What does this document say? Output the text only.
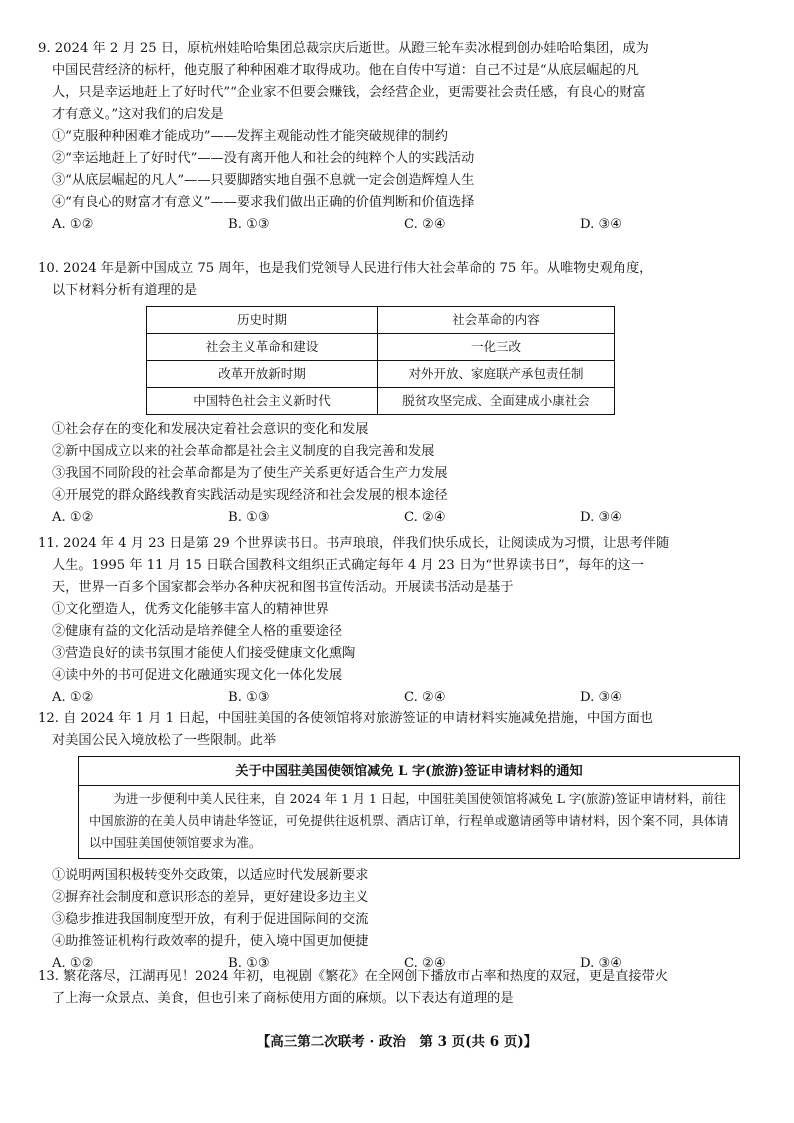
9. 2024 年 2 月 25 日，原杭州娃哈哈集团总裁宗庆后逝世。从蹬三轮车卖冰棍到创办娃哈哈集团，成为
中国民营经济的标杆，他克服了种种困难才取得成功。他在自传中写道：自己不过是“从底层崛起的凡
人，只是幸运地赶上了好时代”“企业家不但要会赚钱，会经营企业，更需要社会责任感，有良心的财富
才有意义。”这对我们的启发是
①“克服种种困难才能成功”——发挥主观能动性才能突破规律的制约
②“幸运地赶上了好时代”——没有离开他人和社会的纯粹个人的实践活动
③“从底层崛起的凡人”——只要脚踏实地自强不息就一定会创造辉煌人生
④“有良心的财富才有意义”——要求我们做出正确的价值判断和价值选择
A. ①②	B. ①③	C. ②④	D. ③④
10. 2024 年是新中国成立 75 周年，也是我们党领导人民进行伟大社会革命的 75 年。从唯物史观角度，
以下材料分析有道理的是
历史时期	社会革命的内容
社会主义革命和建设	一化三改
改革开放新时期	对外开放、家庭联产承包责任制
中国特色社会主义新时代	脱贫攻坚完成、全面建成小康社会
①社会存在的变化和发展决定着社会意识的变化和发展
②新中国成立以来的社会革命都是社会主义制度的自我完善和发展
③我国不同阶段的社会革命都是为了使生产关系更好适合生产力发展
④开展党的群众路线教育实践活动是实现经济和社会发展的根本途径
A. ①②	B. ①③	C. ②④	D. ③④
11. 2024 年 4 月 23 日是第 29 个世界读书日。书声琅琅，伴我们快乐成长，让阅读成为习惯，让思考伴随
人生。1995 年 11 月 15 日联合国教科文组织正式确定每年 4 月 23 日为“世界读书日”，每年的这一
天，世界一百多个国家都会举办各种庆祝和图书宣传活动。开展读书活动是基于
①文化塑造人，优秀文化能够丰富人的精神世界
②健康有益的文化活动是培养健全人格的重要途径
③营造良好的读书氛围才能使人们接受健康文化熏陶
④读中外的书可促进文化融通实现文化一体化发展
A. ①②	B. ①③	C. ②④	D. ③④
12. 自 2024 年 1 月 1 日起，中国驻美国的各使领馆将对旅游签证的申请材料实施减免措施，中国方面也
对美国公民入境放松了一些限制。此举
关于中国驻美国使领馆减免 L 字(旅游)签证申请材料的通知
为进一步便利中美人民往来，自 2024 年 1 月 1 日起，中国驻美国使领馆将减免 L 字(旅游)签证申请材料，前往中国旅游的在美人员申请赴华签证，可免提供往返机票、酒店订单，行程单或邀请函等申请材料，因个案不同，具体请以中国驻美国使领馆要求为准。
①说明两国积极转变外交政策，以适应时代发展新要求
②摒弃社会制度和意识形态的差异，更好建设多边主义
③稳步推进我国制度型开放，有利于促进国际间的交流
④助推签证机构行政效率的提升，使入境中国更加便捷
A. ①②	B. ①③	C. ②④	D. ③④
13. 繁花落尽，江湖再见！2024 年初，电视剧《繁花》在全网创下播放市占率和热度的双冠，更是直接带火
了上海一众景点、美食，但也引来了商标使用方面的麻烦。以下表达有道理的是
【高三第二次联考 · 政治　第 3 页(共 6 页)】
